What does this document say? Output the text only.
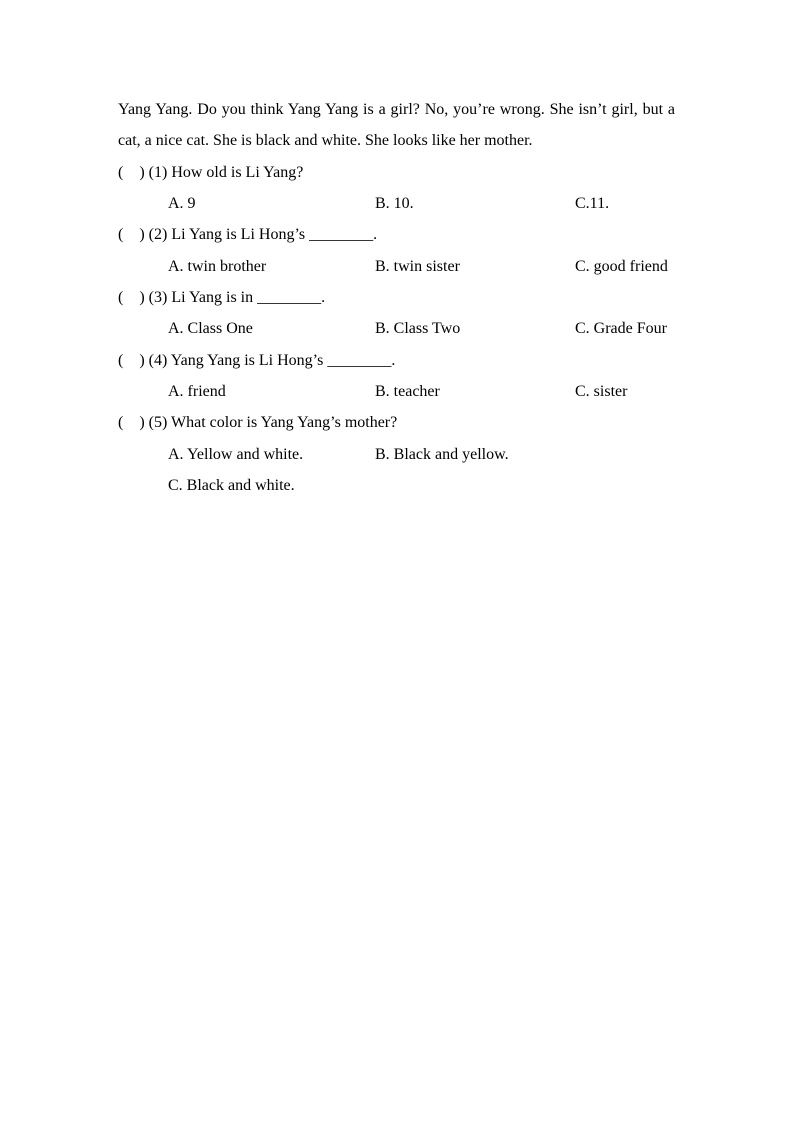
Yang Yang. Do you think Yang Yang is a girl? No, you’re wrong. She isn’t girl, but a
cat, a nice cat. She is black and white. She looks like her mother.
(    ) (1) How old is Li Yang?
A. 9	B. 10.	C.11.
(    ) (2) Li Yang is Li Hong’s ________.
A. twin brother	B. twin sister	C. good friend
(    ) (3) Li Yang is in ________.
A. Class One	B. Class Two	C. Grade Four
(    ) (4) Yang Yang is Li Hong’s ________.
A. friend	B. teacher	C. sister
(    ) (5) What color is Yang Yang’s mother?
A. Yellow and white.	B. Black and yellow.
C. Black and white.
